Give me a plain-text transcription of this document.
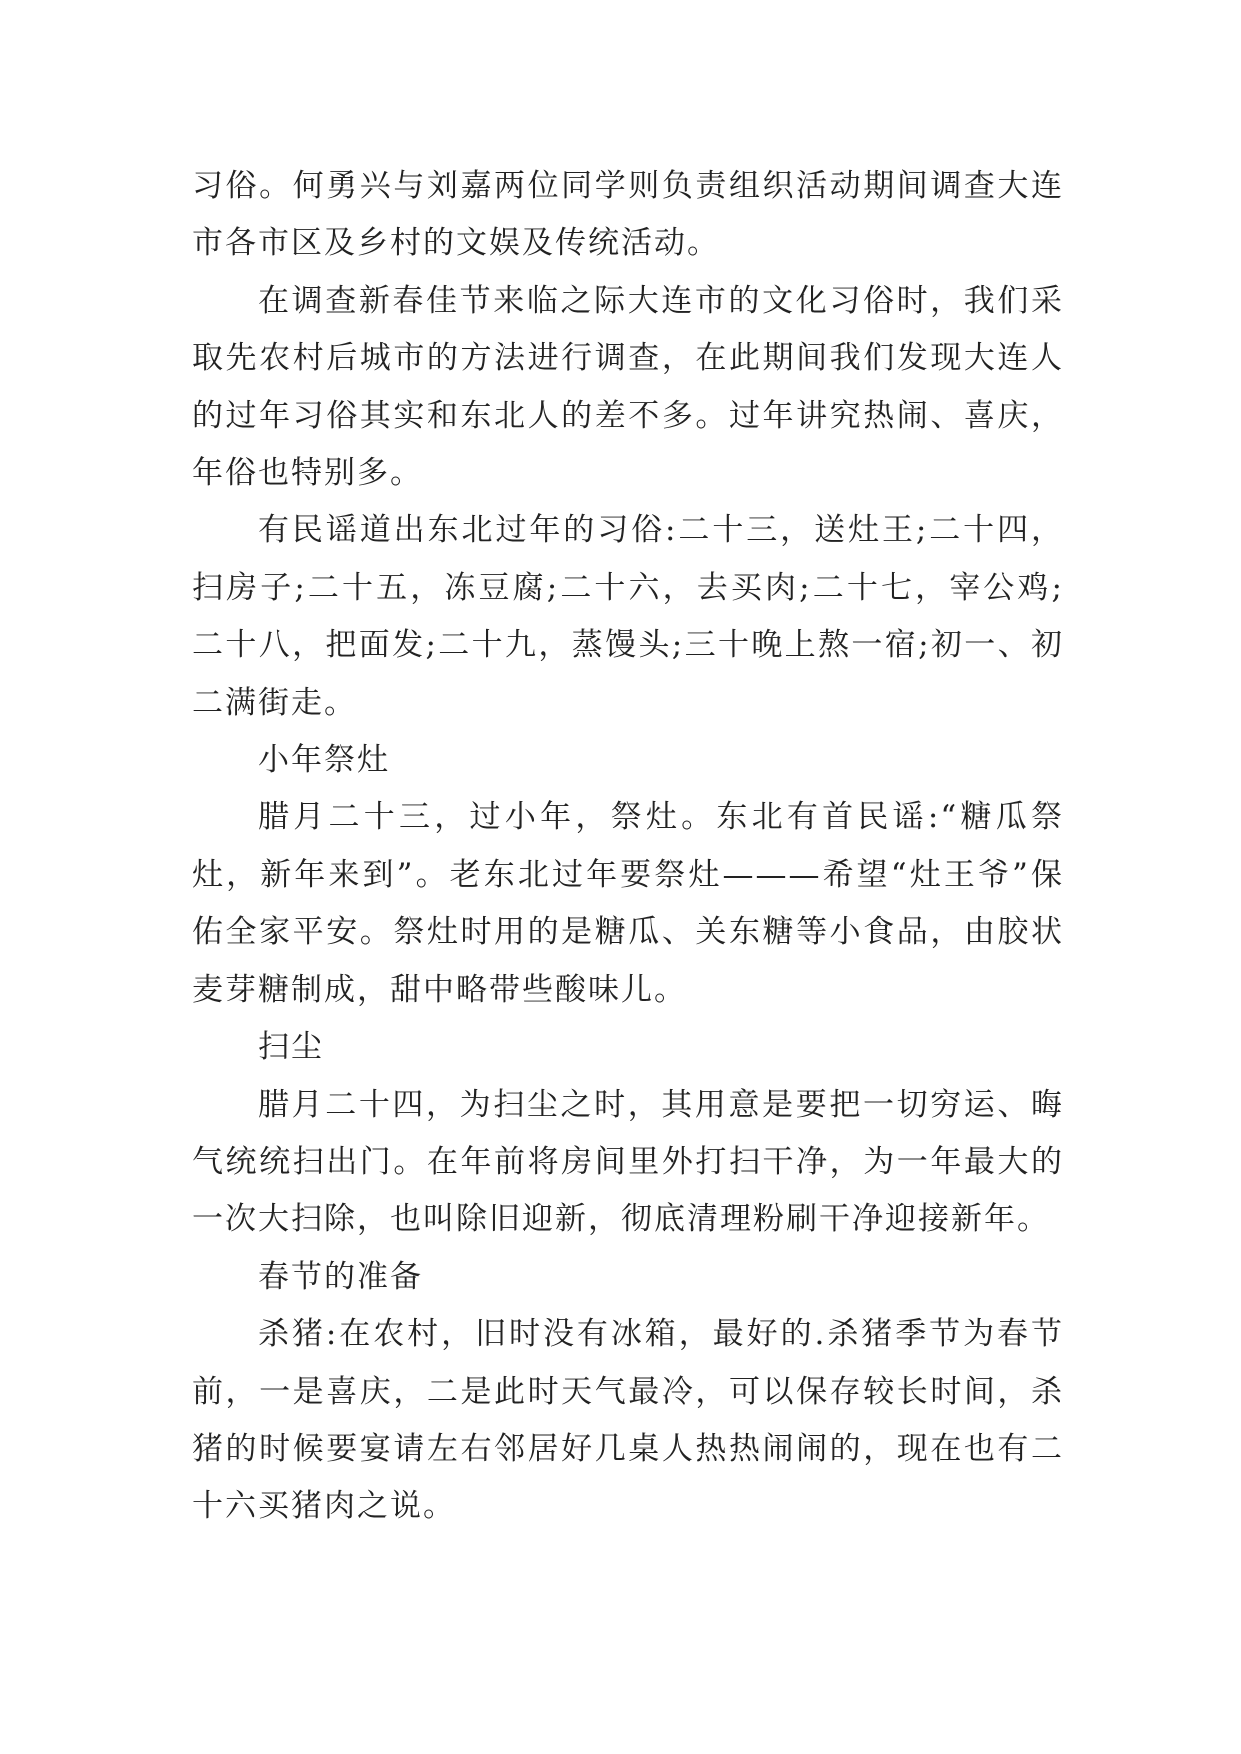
习俗。何勇兴与刘嘉两位同学则负责组织活动期间调查大连市各市区及乡村的文娱及传统活动。

在调查新春佳节来临之际大连市的文化习俗时，我们采取先农村后城市的方法进行调查，在此期间我们发现大连人的过年习俗其实和东北人的差不多。过年讲究热闹、喜庆，年俗也特别多。

有民谣道出东北过年的习俗:二十三，送灶王;二十四，扫房子;二十五，冻豆腐;二十六，去买肉;二十七，宰公鸡;二十八，把面发;二十九，蒸馒头;三十晚上熬一宿;初一、初二满街走。

小年祭灶

腊月二十三，过小年，祭灶。东北有首民谣:“糖瓜祭灶，新年来到”。老东北过年要祭灶———希望“灶王爷”保佑全家平安。祭灶时用的是糖瓜、关东糖等小食品，由胶状麦芽糖制成，甜中略带些酸味儿。

扫尘

腊月二十四，为扫尘之时，其用意是要把一切穷运、晦气统统扫出门。在年前将房间里外打扫干净，为一年最大的一次大扫除，也叫除旧迎新，彻底清理粉刷干净迎接新年。

春节的准备

杀猪:在农村，旧时没有冰箱，最好的.杀猪季节为春节前，一是喜庆，二是此时天气最冷，可以保存较长时间，杀猪的时候要宴请左右邻居好几桌人热热闹闹的，现在也有二十六买猪肉之说。
